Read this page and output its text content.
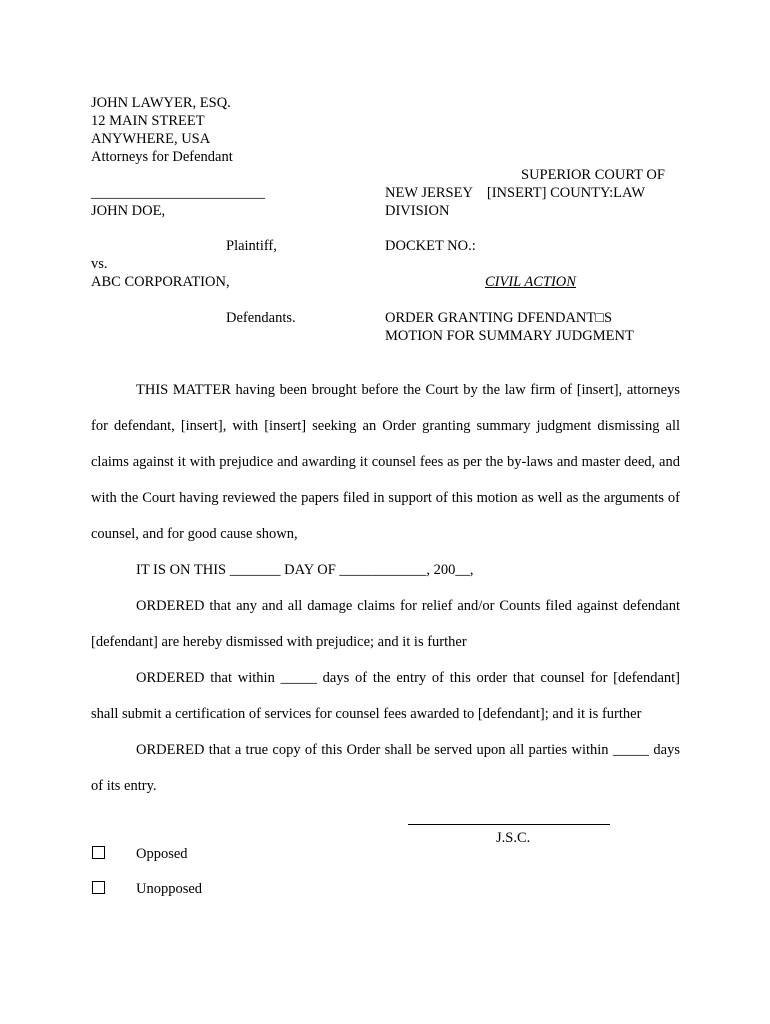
JOHN LAWYER, ESQ.
12 MAIN STREET
ANYWHERE, USA
Attorneys for Defendant
SUPERIOR COURT OF
NEW JERSEY    [INSERT] COUNTY:LAW
DIVISION
________________________
JOHN DOE,
Plaintiff,	DOCKET NO.:
vs.
ABC CORPORATION,	CIVIL ACTION
Defendants.	ORDER GRANTING DFENDANT□S
MOTION FOR SUMMARY JUDGMENT
THIS MATTER having been brought before the Court by the law firm of [insert], attorneys for defendant, [insert], with [insert] seeking an Order granting summary judgment dismissing all claims against it with prejudice and awarding it counsel fees as per the by-laws and master deed, and with the Court having reviewed the papers filed in support of this motion as well as the arguments of counsel, and for good cause shown,
IT IS ON THIS _______ DAY OF ____________, 200__,
ORDERED that any and all damage claims for relief and/or Counts filed against defendant [defendant] are hereby dismissed with prejudice; and it is further
ORDERED that within _____ days of the entry of this order that counsel for [defendant] shall submit a certification of services for counsel fees awarded to [defendant]; and it is further
ORDERED that a true copy of this Order shall be served upon all parties within _____ days of its entry.
J.S.C.
Opposed
Unopposed
